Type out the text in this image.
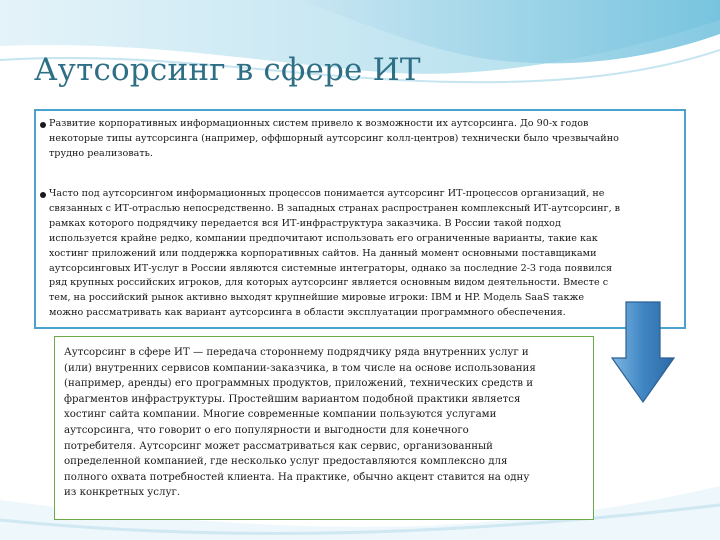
Аутсорсинг в сфере ИТ
Развитие корпоративных информационных систем привело к возможности их аутсорсинга. До 90-х годов
некоторые типы аутсорсинга (например, оффшорный аутсорсинг колл-центров) технически было чрезвычайно
трудно реализовать.
Часто под аутсорсингом информационных процессов понимается аутсорсинг ИТ-процессов организаций, не
связанных с ИТ-отраслью непосредственно. В западных странах распространен комплексный ИТ-аутсорсинг, в
рамках которого подрядчику передается вся ИТ-инфраструктура заказчика. В России такой подход
используется крайне редко, компании предпочитают использовать его ограниченные варианты, такие как
хостинг приложений или поддержка корпоративных сайтов. На данный момент основными поставщиками
аутсорсинговых ИТ-услуг в России являются системные интеграторы, однако за последние 2-3 года появился
ряд крупных российских игроков, для которых аутсорсинг является основным видом деятельности. Вместе с
тем, на российский рынок активно выходят крупнейшие мировые игроки: IBM и HP. Модель SaaS также
можно рассматривать как вариант аутсорсинга в области эксплуатации программного обеспечения.
Аутсорсинг в сфере ИТ — передача стороннему подрядчику ряда внутренних услуг и
(или) внутренних сервисов компании-заказчика, в том числе на основе использования
(например, аренды) его программных продуктов, приложений, технических средств и
фрагментов инфраструктуры. Простейшим вариантом подобной практики является
хостинг сайта компании. Многие современные компании пользуются услугами
аутсорсинга, что говорит о его популярности и выгодности для конечного
потребителя. Аутсорсинг может рассматриваться как сервис, организованный
определенной компанией, где несколько услуг предоставляются комплексно для
полного охвата потребностей клиента. На практике, обычно акцент ставится на одну
из конкретных услуг.
